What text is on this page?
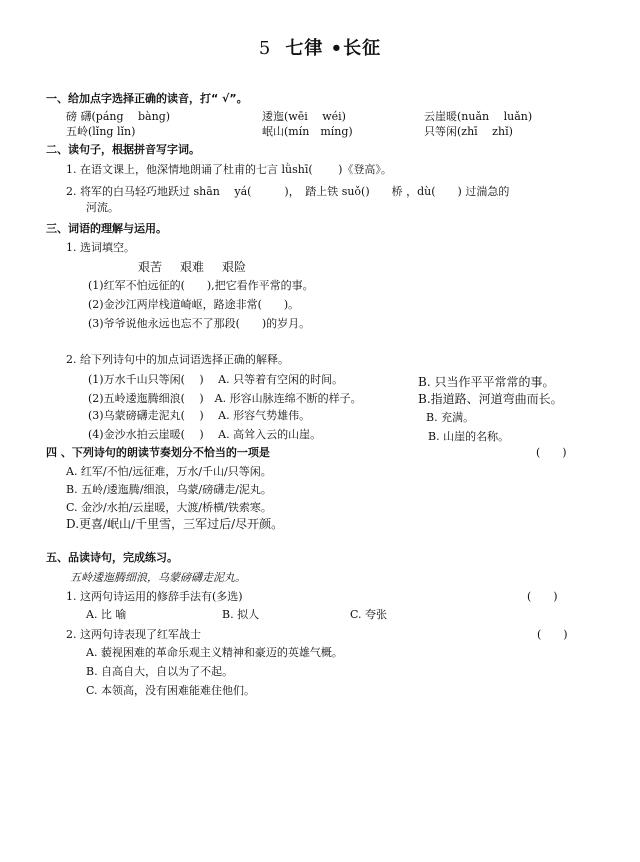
5 七律 •长征
一、给加点字选择正确的读音，打“ √”。
磅 礴(páng　 bàng)	逶迤(wēi　 wéi)	云崖暖(nuǎn　 luǎn)
五岭(lǐng lǐn)	岷山(mín　míng)	只等闲(zhī　 zhǐ)
二、读句子，根据拼音写字词。
1. 在语文课上，他深情地朗诵了杜甫的七言 lǜshī(　　 )《登高》。
2. 将军的白马轻巧地跃过 shān　 yá(　　　)，　踏上铁 suǒ()　　桥 ，dù(　　) 过湍急的
河流。
三、词语的理解与运用。
1. 选词填空。
艰苦 艰难 艰险
(1)红军不怕远征的(　　),把它看作平常的事。
(2)金沙江两岸栈道崎岖，路途非常(　　)。
(3)爷爷说他永远也忘不了那段(　　)的岁月。
2. 给下列诗句中的加点词语选择正确的解释。
(1)万水千山只等闲(　 )　 A. 只等着有空闲的时间。	B. 只当作平平常常的事。
(2)五岭逶迤腾细浪(　 )　A. 形容山脉连绵不断的样子。	B.指道路、河道弯曲而长。
(3)乌蒙磅礴走泥丸(　 )　 A. 形容气势雄伟。	B. 充满。
(4)金沙水拍云崖暖(　 )　 A. 高耸入云的山崖。	B. 山崖的名称。
四 、下列诗句的朗读节奏划分不恰当的一项是	(　　)
A. 红军/不怕/远征难，万水/千山/只等闲。
B. 五岭/逶迤腾/细浪，乌蒙/磅礴走/泥丸。
C. 金沙/水拍/云崖暖，大渡/桥横/铁索寒。
D.更喜/岷山/千里雪，三军过后/尽开颜。
五、品读诗句，完成练习。
五岭逶迤腾细浪，乌蒙磅礴走泥丸。
1. 这两句诗运用的修辞手法有(多选)	(　　)
A. 比 喻	B. 拟人	C. 夸张
2. 这两句诗表现了红军战士	(　　)
A. 藐视困难的革命乐观主义精神和豪迈的英雄气概。
B. 自高自大，自以为了不起。
C. 本领高，没有困难能难住他们。
